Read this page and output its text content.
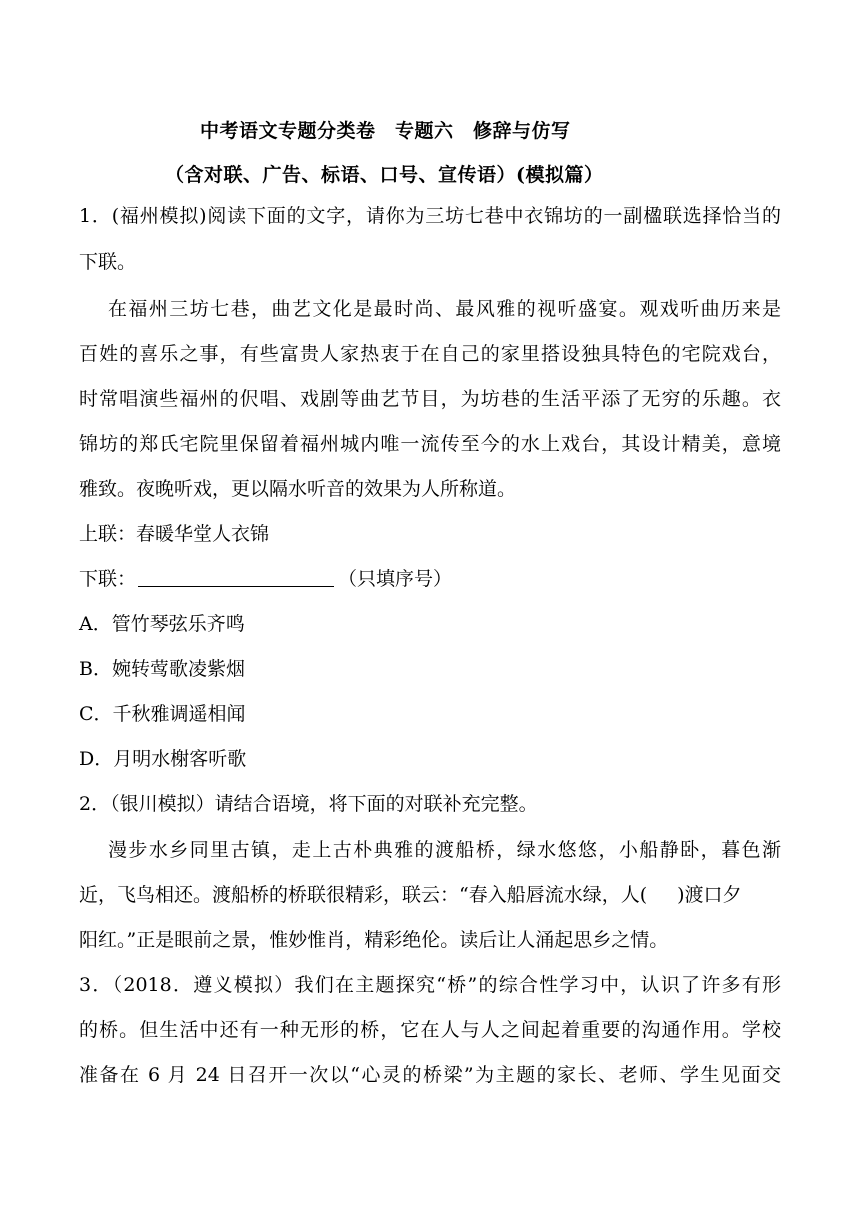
中考语文专题分类卷　专题六　修辞与仿写
（含对联、广告、标语、口号、宣传语）(模拟篇）
1．(福州模拟)阅读下面的文字，请你为三坊七巷中衣锦坊的一副楹联选择恰当的
下联。
在福州三坊七巷，曲艺文化是最时尚、最风雅的视听盛宴。观戏听曲历来是
百姓的喜乐之事，有些富贵人家热衷于在自己的家里搭设独具特色的宅院戏台，
时常唱演些福州的伬唱、戏剧等曲艺节目，为坊巷的生活平添了无穷的乐趣。衣
锦坊的郑氏宅院里保留着福州城内唯一流传至今的水上戏台，其设计精美，意境
雅致。夜晚听戏，更以隔水听音的效果为人所称道。
上联：春暖华堂人衣锦
下联：	（只填序号）
A．管竹琴弦乐齐鸣
B．婉转莺歌凌紫烟
C．千秋雅调遥相闻
D．月明水榭客听歌
2．（银川模拟）请结合语境，将下面的对联补充完整。
漫步水乡同里古镇，走上古朴典雅的渡船桥，绿水悠悠，小船静卧，暮色渐
近，飞鸟相还。渡船桥的桥联很精彩，联云：“春入船唇流水绿，人( )渡口夕
阳红。”正是眼前之景，惟妙惟肖，精彩绝伦。读后让人涌起思乡之情。
3．（2018．遵义模拟）我们在主题探究“桥”的综合性学习中，认识了许多有形
的桥。但生活中还有一种无形的桥，它在人与人之间起着重要的沟通作用。学校
准备在 6 月 24 日召开一次以“心灵的桥梁”为主题的家长、老师、学生见面交
